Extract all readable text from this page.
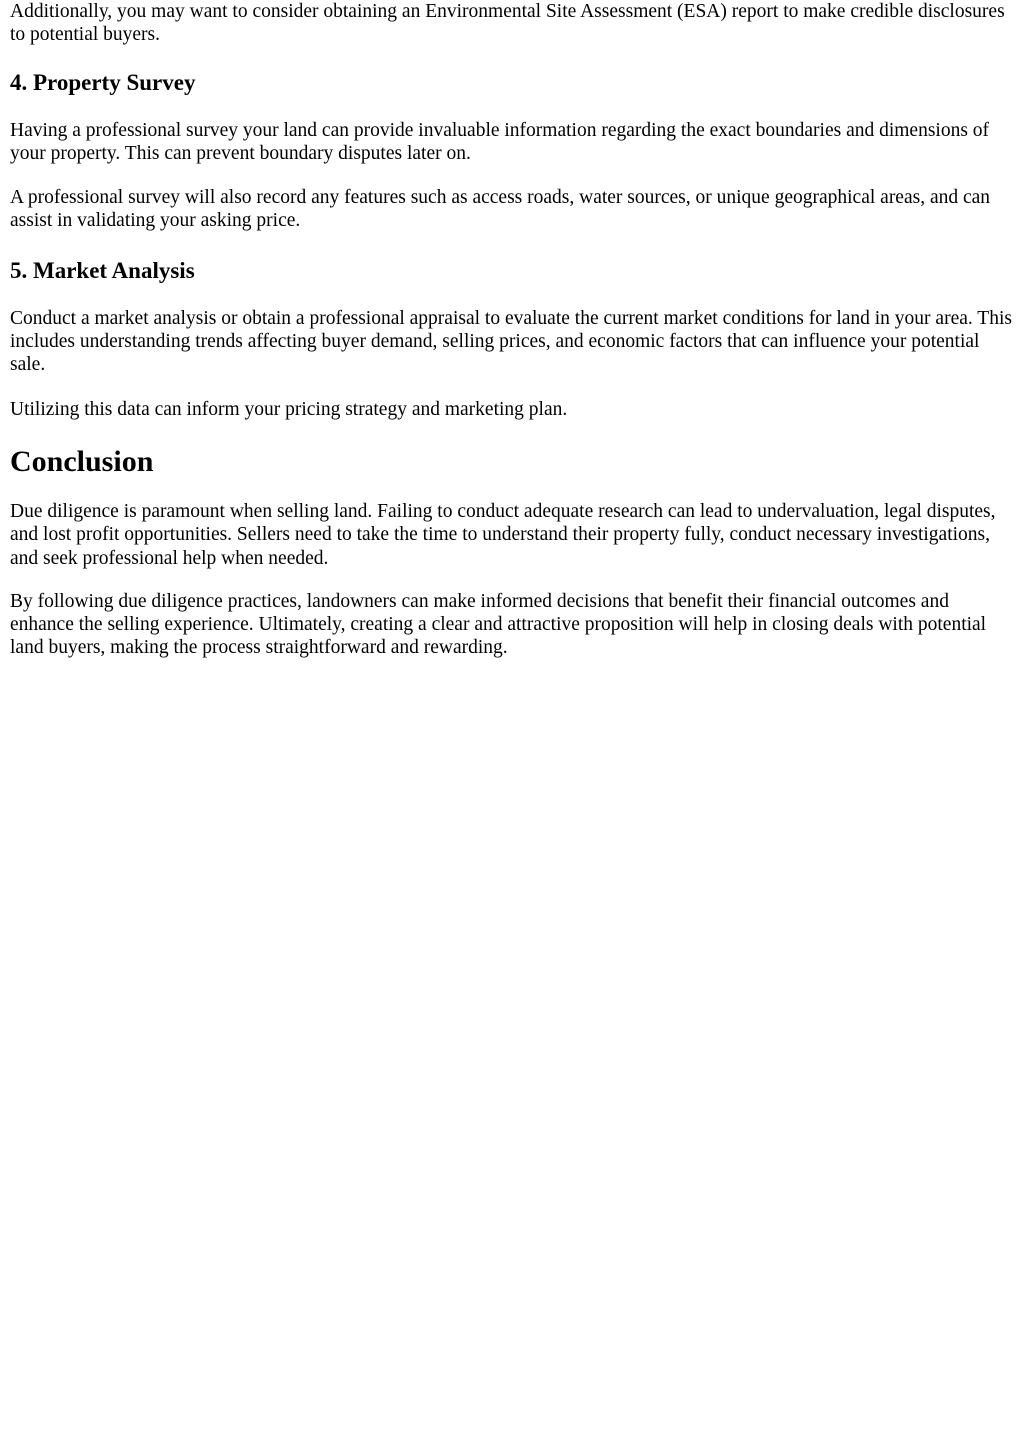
Additionally, you may want to consider obtaining an Environmental Site Assessment (ESA) report to make credible disclosures to potential buyers.

4. Property Survey

Having a professional survey your land can provide invaluable information regarding the exact boundaries and dimensions of your property. This can prevent boundary disputes later on.

A professional survey will also record any features such as access roads, water sources, or unique geographical areas, and can assist in validating your asking price.

5. Market Analysis

Conduct a market analysis or obtain a professional appraisal to evaluate the current market conditions for land in your area. This includes understanding trends affecting buyer demand, selling prices, and economic factors that can influence your potential sale.

Utilizing this data can inform your pricing strategy and marketing plan.

Conclusion

Due diligence is paramount when selling land. Failing to conduct adequate research can lead to undervaluation, legal disputes, and lost profit opportunities. Sellers need to take the time to understand their property fully, conduct necessary investigations, and seek professional help when needed.

By following due diligence practices, landowners can make informed decisions that benefit their financial outcomes and enhance the selling experience. Ultimately, creating a clear and attractive proposition will help in closing deals with potential land buyers, making the process straightforward and rewarding.
